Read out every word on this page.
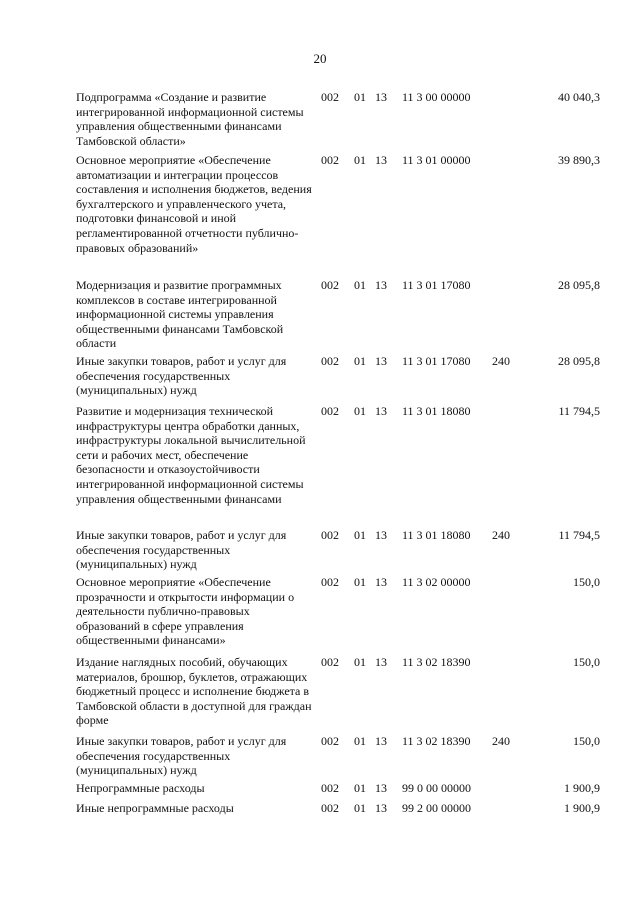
20
Подпрограмма «Создание и развитие интегрированной информационной системы управления общественными финансами Тамбовской области»
002 01 13 11 3 00 00000	40 040,3
Основное мероприятие «Обеспечение автоматизации и интеграции процессов составления и исполнения бюджетов, ведения бухгалтерского и управленческого учета, подготовки финансовой и иной регламентированной отчетности публично-правовых образований»
002 01 13 11 3 01 00000	39 890,3
Модернизация и развитие программных комплексов в составе интегрированной информационной системы управления общественными финансами Тамбовской области
002 01 13 11 3 01 17080	28 095,8
Иные закупки товаров, работ и услуг для обеспечения государственных (муниципальных) нужд
002 01 13 11 3 01 17080 240	28 095,8
Развитие и модернизация технической инфраструктуры центра обработки данных, инфраструктуры локальной вычислительной сети и рабочих мест, обеспечение безопасности и отказоустойчивости интегрированной информационной системы управления общественными финансами
002 01 13 11 3 01 18080	11 794,5
Иные закупки товаров, работ и услуг для обеспечения государственных (муниципальных) нужд
002 01 13 11 3 01 18080 240	11 794,5
Основное мероприятие «Обеспечение прозрачности и открытости информации о деятельности публично-правовых образований в сфере управления общественными финансами»
002 01 13 11 3 02 00000	150,0
Издание наглядных пособий, обучающих материалов, брошюр, буклетов, отражающих бюджетный процесс и исполнение бюджета в Тамбовской области в доступной для граждан форме
002 01 13 11 3 02 18390	150,0
Иные закупки товаров, работ и услуг для обеспечения государственных (муниципальных) нужд
002 01 13 11 3 02 18390 240	150,0
Непрограммные расходы	002 01 13 99 0 00 00000	1 900,9
Иные непрограммные расходы	002 01 13 99 2 00 00000	1 900,9
